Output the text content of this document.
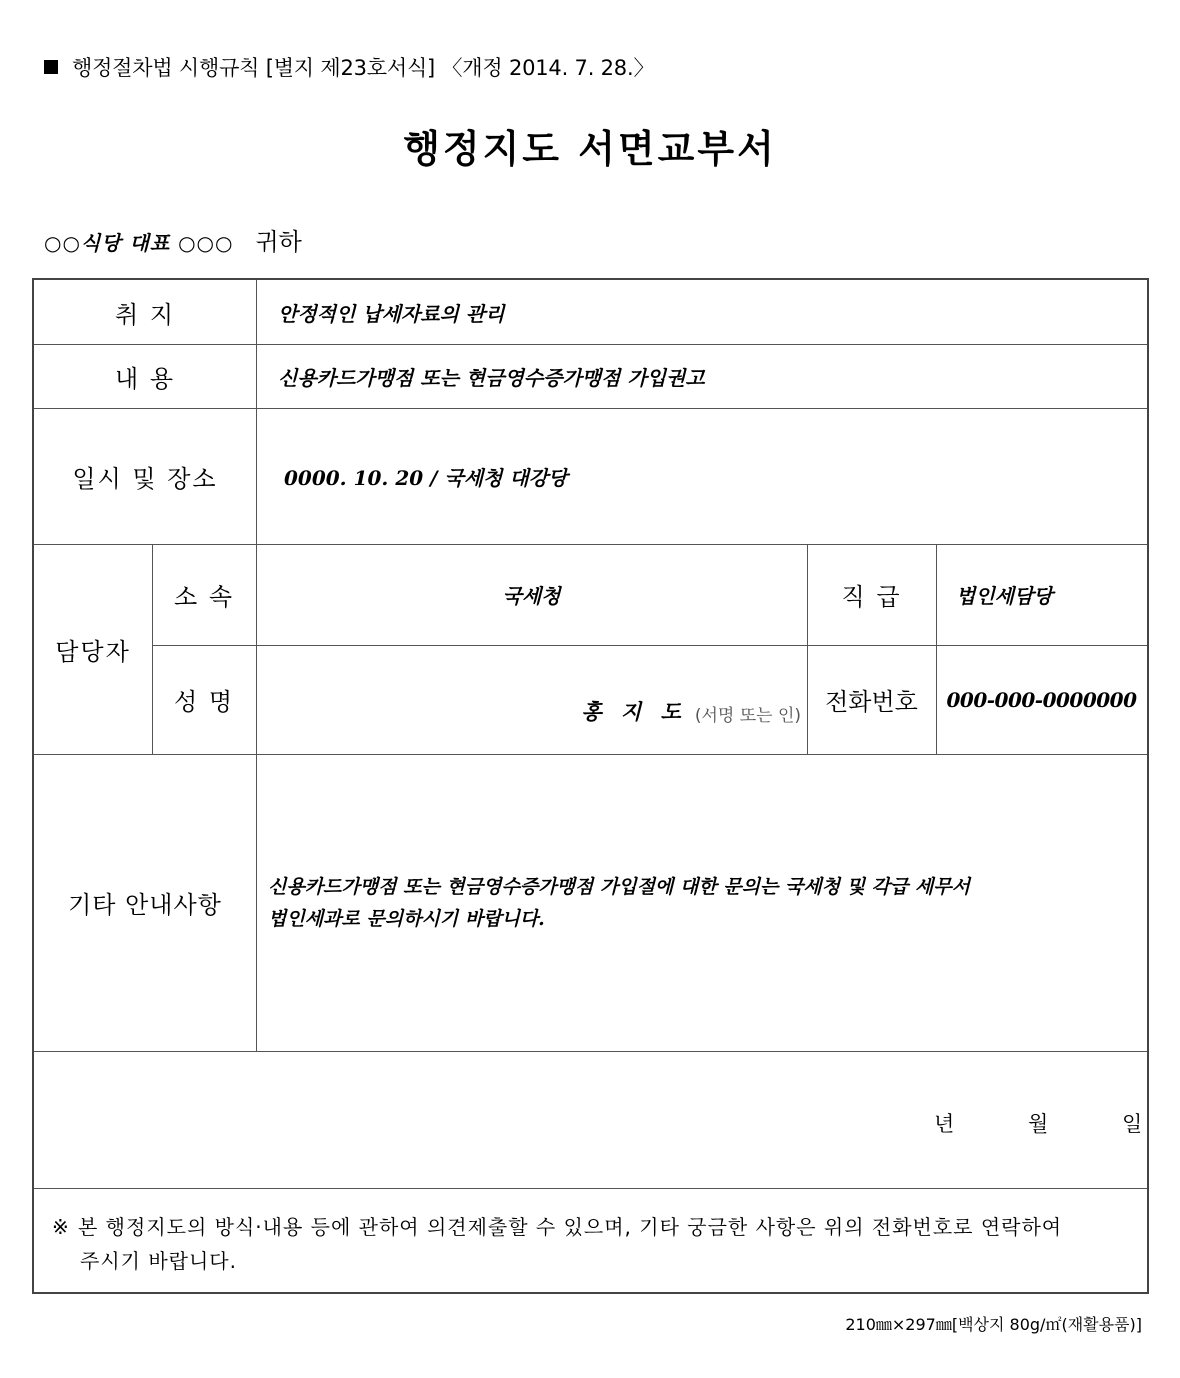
행정절차법 시행규칙 [별지 제23호서식] 〈개정 2014. 7. 28.〉
행정지도 서면교부서
○○식당 대표 ○○○ 귀하
취 지	안정적인 납세자료의 관리
내 용	신용카드가맹점 또는 현금영수증가맹점 가입권고
일시 및 장소	0000. 10. 20 / 국세청 대강당
담당자
소 속	국세청	직 급	법인세담당
성 명	홍 지 도 (서명 또는 인)	전화번호	000-000-0000000
기타 안내사항
신용카드가맹점 또는 현금영수증가맹점 가입절에 대한 문의는 국세청 및 각급 세무서
법인세과로 문의하시기 바랍니다.
년	월	일
※ 본 행정지도의 방식·내용 등에 관하여 의견제출할 수 있으며, 기타 궁금한 사항은 위의 전화번호로 연락하여
주시기 바랍니다.
210㎜×297㎜[백상지 80g/㎡(재활용품)]
